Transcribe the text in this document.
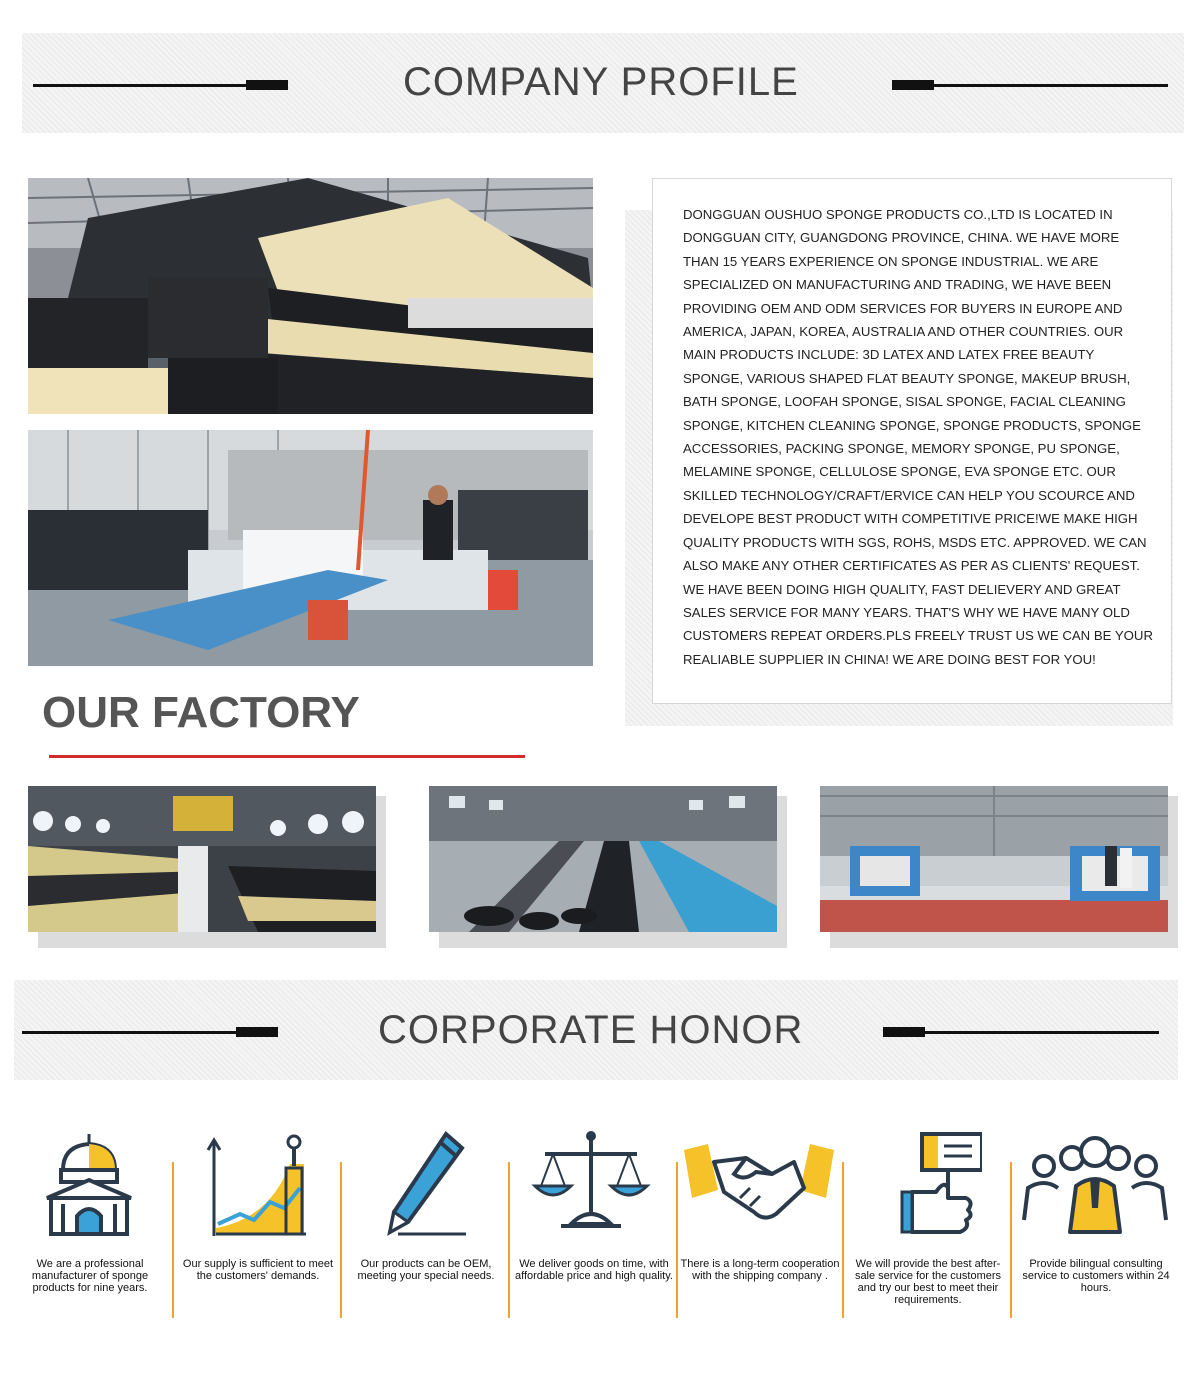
COMPANY PROFILE
DONGGUAN OUSHUO SPONGE PRODUCTS CO.,LTD IS LOCATED IN DONGGUAN CITY, GUANGDONG PROVINCE, CHINA. WE HAVE MORE THAN 15 YEARS EXPERIENCE ON SPONGE INDUSTRIAL. WE ARE SPECIALIZED ON MANUFACTURING AND TRADING, WE HAVE BEEN PROVIDING OEM AND ODM SERVICES FOR BUYERS IN EUROPE AND AMERICA, JAPAN, KOREA, AUSTRALIA AND OTHER COUNTRIES. OUR MAIN PRODUCTS INCLUDE: 3D LATEX AND LATEX FREE BEAUTY SPONGE, VARIOUS SHAPED FLAT BEAUTY SPONGE, MAKEUP BRUSH, BATH SPONGE, LOOFAH SPONGE, SISAL SPONGE, FACIAL CLEANING SPONGE, KITCHEN CLEANING SPONGE, SPONGE PRODUCTS, SPONGE ACCESSORIES, PACKING SPONGE, MEMORY SPONGE, PU SPONGE, MELAMINE SPONGE, CELLULOSE SPONGE, EVA SPONGE ETC. OUR SKILLED TECHNOLOGY/CRAFT/ERVICE CAN HELP YOU SCOURCE AND DEVELOPE BEST PRODUCT WITH COMPETITIVE PRICE!WE MAKE HIGH QUALITY PRODUCTS WITH SGS, ROHS, MSDS ETC. APPROVED. WE CAN ALSO MAKE ANY OTHER CERTIFICATES AS PER AS CLIENTS' REQUEST. WE HAVE BEEN DOING HIGH QUALITY, FAST DELIEVERY AND GREAT SALES SERVICE FOR MANY YEARS. THAT'S WHY WE HAVE MANY OLD CUSTOMERS REPEAT ORDERS.PLS FREELY TRUST US WE CAN BE YOUR REALIABLE SUPPLIER IN CHINA! WE ARE DOING BEST FOR YOU!
OUR FACTORY
CORPORATE HONOR
We are a professional manufacturer of sponge products for nine years.
Our supply is sufficient to meet the customers' demands.
Our products can be OEM, meeting your special needs.
We deliver goods on time, with affordable price and high quality.
There is a long-term cooperation with the shipping company .
We will provide the best after-sale service for the customers and try our best to meet their requirements.
Provide bilingual consulting service to customers within 24 hours.
